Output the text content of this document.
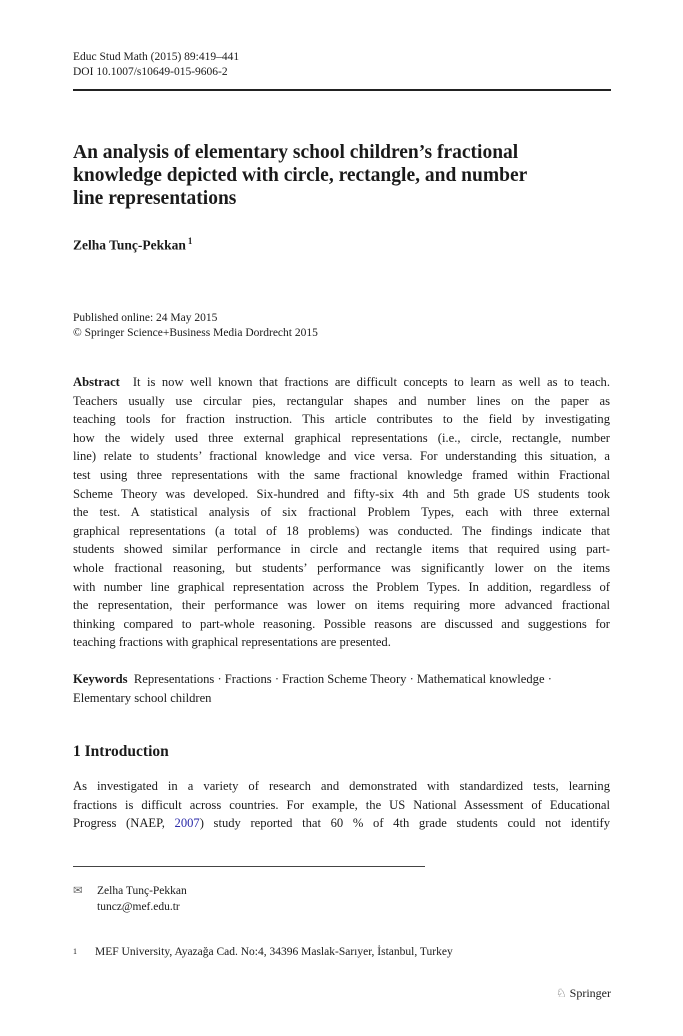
Educ Stud Math (2015) 89:419–441
DOI 10.1007/s10649-015-9606-2
An analysis of elementary school children’s fractional
knowledge depicted with circle, rectangle, and number
line representations
Zelha Tunç-Pekkan $^1$
Published online: 24 May 2015
© Springer Science+Business Media Dordrecht 2015
Abstract It is now well known that fractions are difficult concepts to learn as well as to teach.
Teachers usually use circular pies, rectangular shapes and number lines on the paper as
teaching tools for fraction instruction. This article contributes to the field by investigating
how the widely used three external graphical representations (i.e., circle, rectangle, number
line) relate to students’ fractional knowledge and vice versa. For understanding this situation, a
test using three representations with the same fractional knowledge framed within Fractional
Scheme Theory was developed. Six-hundred and fifty-six 4th and 5th grade US students took
the test. A statistical analysis of six fractional Problem Types, each with three external
graphical representations (a total of 18 problems) was conducted. The findings indicate that
students showed similar performance in circle and rectangle items that required using part-
whole fractional reasoning, but students’ performance was significantly lower on the items
with number line graphical representation across the Problem Types. In addition, regardless of
the representation, their performance was lower on items requiring more advanced fractional
thinking compared to part-whole reasoning. Possible reasons are discussed and suggestions for
teaching fractions with graphical representations are presented.
Keywords Representations · Fractions · Fraction Scheme Theory · Mathematical knowledge ·
Elementary school children
1 Introduction
As investigated in a variety of research and demonstrated with standardized tests, learning
fractions is difficult across countries. For example, the US National Assessment of Educational
Progress (NAEP, 2007) study reported that 60 % of 4th grade students could not identify
✉ Zelha Tunç-Pekkan
tuncz@mef.edu.tr
1 MEF University, Ayazağa Cad. No:4, 34396 Maslak-Sarıyer, İstanbul, Turkey
♘ Springer
